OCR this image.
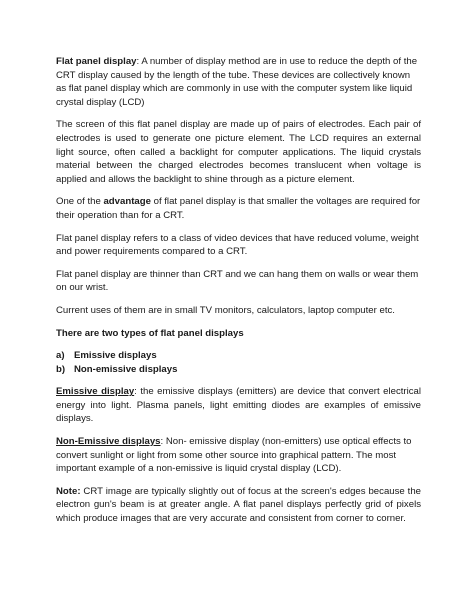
Flat panel display: A number of display method are in use to reduce the depth of the CRT display caused by the length of the tube. These devices are collectively known as flat panel display which are commonly in use with the computer system like liquid crystal display (LCD)

The screen of this flat panel display are made up of pairs of electrodes. Each pair of electrodes is used to generate one picture element. The LCD requires an external light source, often called a backlight for computer applications. The liquid crystals material between the charged electrodes becomes translucent when voltage is applied and allows the backlight to shine through as a picture element.

One of the advantage of flat panel display is that smaller the voltages are required for their operation than for a CRT.

Flat panel display refers to a class of video devices that have reduced volume, weight and power requirements compared to a CRT.

Flat panel display are thinner than CRT and we can hang them on walls or wear them on our wrist.

Current uses of them are in small TV monitors, calculators, laptop computer etc.

There are two types of flat panel displays

a) Emissive displays
b) Non-emissive displays

Emissive display: the emissive displays (emitters) are device that convert electrical energy into light. Plasma panels, light emitting diodes are examples of emissive displays.

Non-Emissive displays: Non- emissive display (non-emitters) use optical effects to convert sunlight or light from some other source into graphical pattern. The most important example of a non-emissive is liquid crystal display (LCD).

Note: CRT image are typically slightly out of focus at the screen's edges because the electron gun's beam is at greater angle. A flat panel displays perfectly grid of pixels which produce images that are very accurate and consistent from corner to corner.
